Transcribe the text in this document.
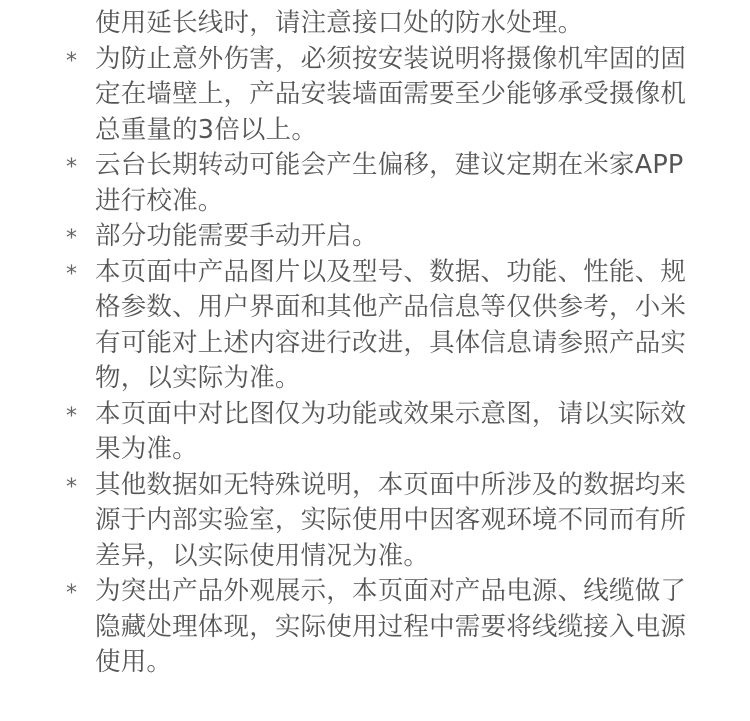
使用延长线时，请注意接口处的防水处理。

* 为防止意外伤害，必须按安装说明将摄像机牢固的固定在墙壁上，产品安装墙面需要至少能够承受摄像机总重量的3倍以上。

* 云台长期转动可能会产生偏移，建议定期在米家APP进行校准。

* 部分功能需要手动开启。

* 本页面中产品图片以及型号、数据、功能、性能、规格参数、用户界面和其他产品信息等仅供参考，小米有可能对上述内容进行改进，具体信息请参照产品实物，以实际为准。

* 本页面中对比图仅为功能或效果示意图，请以实际效果为准。

* 其他数据如无特殊说明，本页面中所涉及的数据均来源于内部实验室，实际使用中因客观环境不同而有所差异，以实际使用情况为准。

* 为突出产品外观展示，本页面对产品电源、线缆做了隐藏处理体现，实际使用过程中需要将线缆接入电源使用。
